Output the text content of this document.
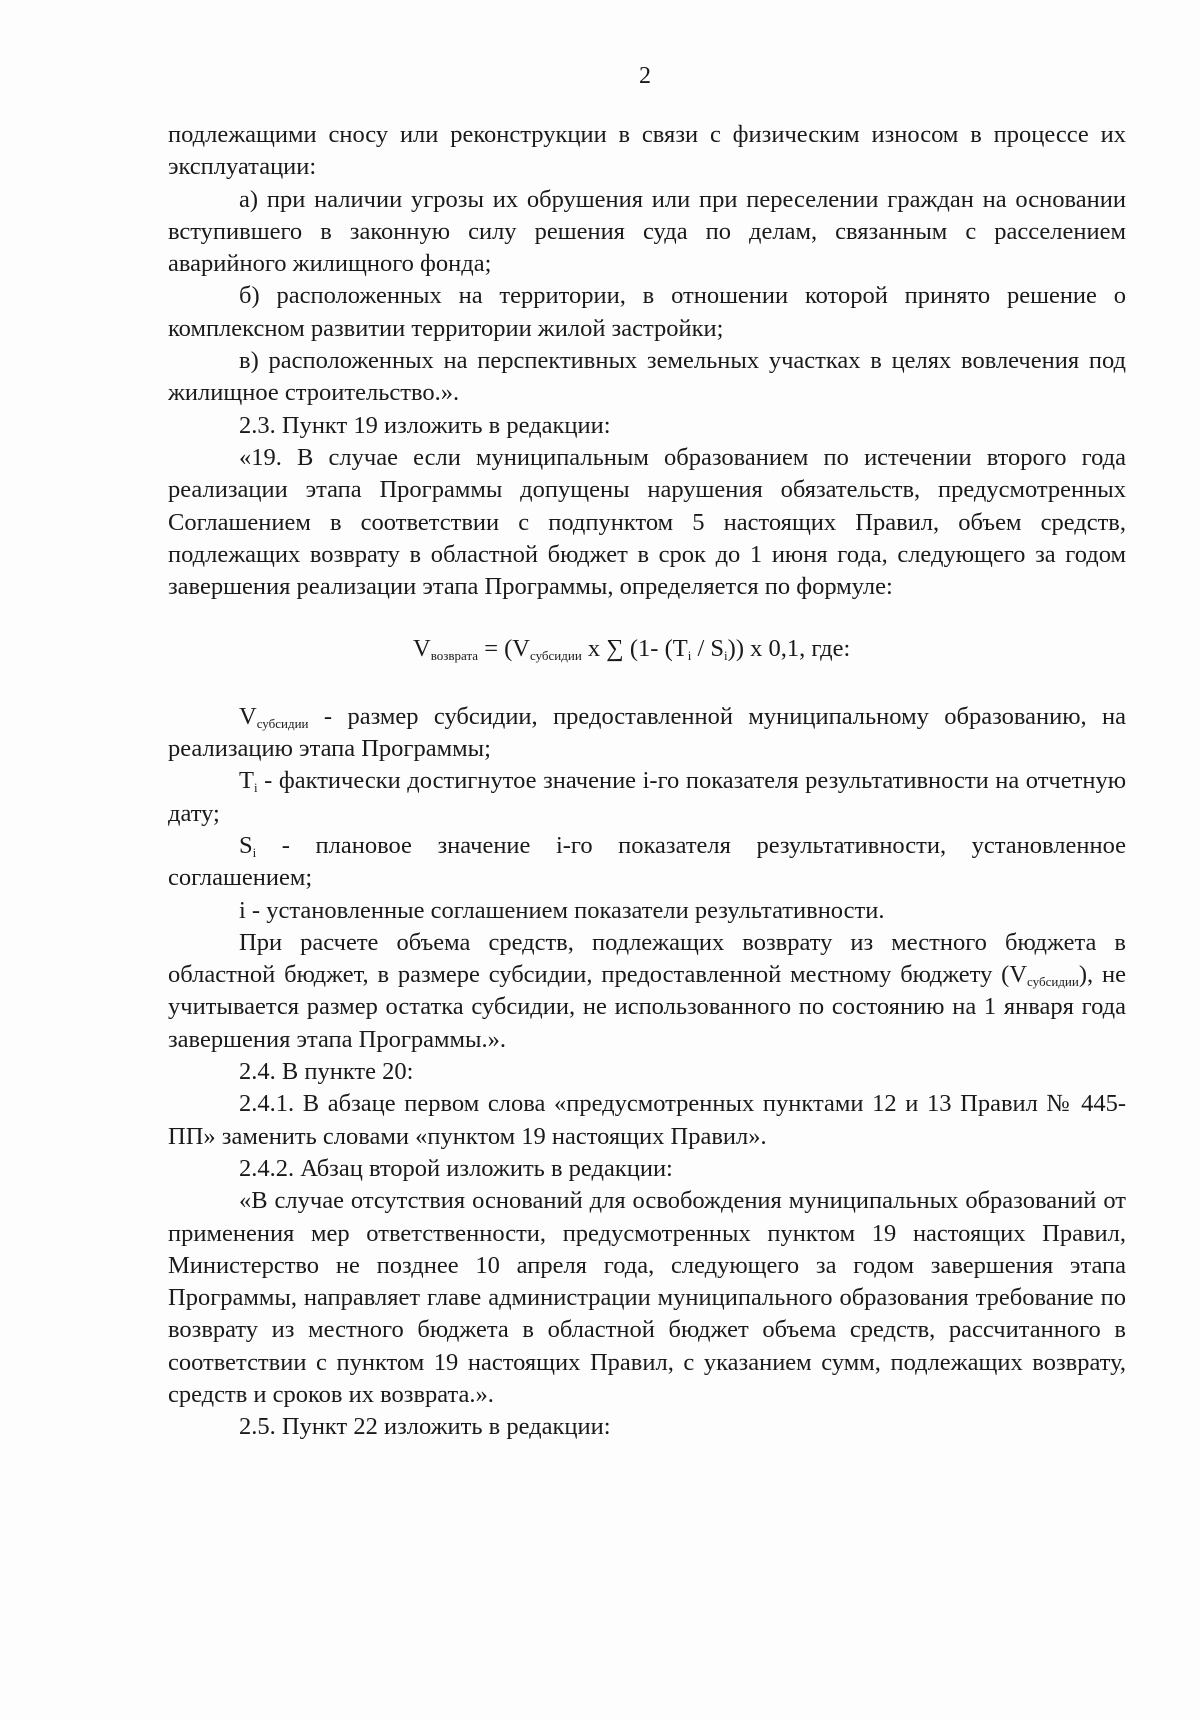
2

подлежащими сносу или реконструкции в связи с физическим износом в процессе их эксплуатации:

а) при наличии угрозы их обрушения или при переселении граждан на основании вступившего в законную силу решения суда по делам, связанным с расселением аварийного жилищного фонда;

б) расположенных на территории, в отношении которой принято решение о комплексном развитии территории жилой застройки;

в) расположенных на перспективных земельных участках в целях вовлечения под жилищное строительство.».

2.3. Пункт 19 изложить в редакции:

«19. В случае если муниципальным образованием по истечении второго года реализации этапа Программы допущены нарушения обязательств, предусмотренных Соглашением в соответствии с подпунктом 5 настоящих Правил, объем средств, подлежащих возврату в областной бюджет в срок до 1 июня года, следующего за годом завершения реализации этапа Программы, определяется по формуле:

$V_{возврата} = (V_{субсидии}$ x ∑ (1- $(T_i / S_i)$) x 0,1, где:

$V_{субсидии}$ - размер субсидии, предоставленной муниципальному образованию, на реализацию этапа Программы;

$T_i$ - фактически достигнутое значение i-го показателя результативности на отчетную дату;

$S_i$ - плановое значение i-го показателя результативности, установленное соглашением;

i - установленные соглашением показатели результативности.

При расчете объема средств, подлежащих возврату из местного бюджета в областной бюджет, в размере субсидии, предоставленной местному бюджету $(V_{субсидии})$, не учитывается размер остатка субсидии, не использованного по состоянию на 1 января года завершения этапа Программы.».

2.4. В пункте 20:

2.4.1. В абзаце первом слова «предусмотренных пунктами 12 и 13 Правил № 445-ПП» заменить словами «пунктом 19 настоящих Правил».

2.4.2. Абзац второй изложить в редакции:

«В случае отсутствия оснований для освобождения муниципальных образований от применения мер ответственности, предусмотренных пунктом 19 настоящих Правил, Министерство не позднее 10 апреля года, следующего за годом завершения этапа Программы, направляет главе администрации муниципального образования требование по возврату из местного бюджета в областной бюджет объема средств, рассчитанного в соответствии с пунктом 19 настоящих Правил, с указанием сумм, подлежащих возврату, средств и сроков их возврата.».

2.5. Пункт 22 изложить в редакции:
